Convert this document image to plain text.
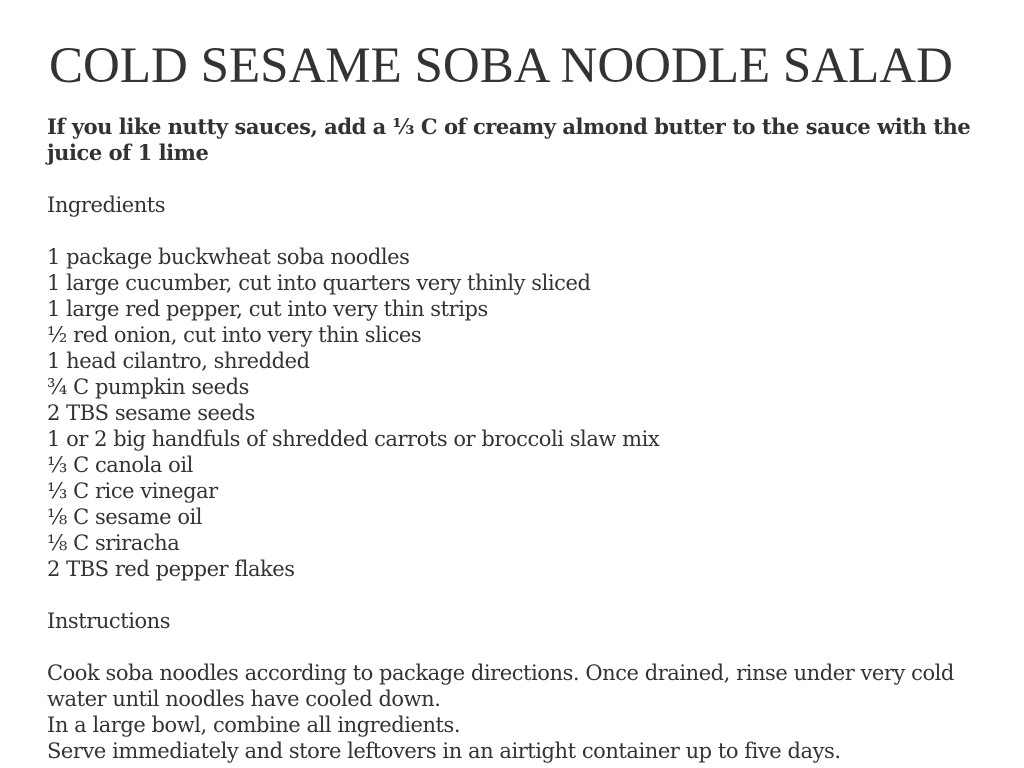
COLD SESAME SOBA NOODLE SALAD

If you like nutty sauces, add a ⅓ C of creamy almond butter to the sauce with the juice of 1 lime

Ingredients

1 package buckwheat soba noodles
1 large cucumber, cut into quarters very thinly sliced
1 large red pepper, cut into very thin strips
½ red onion, cut into very thin slices
1 head cilantro, shredded
¾ C pumpkin seeds
2 TBS sesame seeds
1 or 2 big handfuls of shredded carrots or broccoli slaw mix
⅓ C canola oil
⅓ C rice vinegar
⅛ C sesame oil
⅛ C sriracha
2 TBS red pepper flakes

Instructions

Cook soba noodles according to package directions. Once drained, rinse under very cold water until noodles have cooled down.

In a large bowl, combine all ingredients.

Serve immediately and store leftovers in an airtight container up to five days.
